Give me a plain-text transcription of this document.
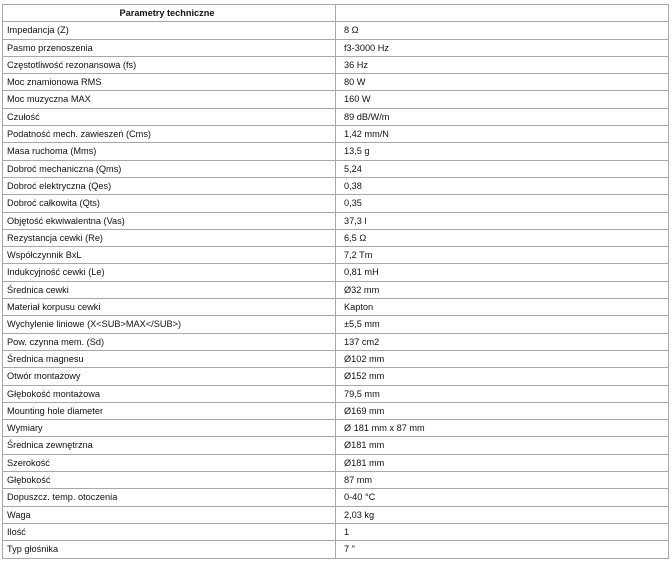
Parametry techniczne	
Impedancja (Z)	8 Ω
Pasmo przenoszenia	f3-3000 Hz
Częstotliwość rezonansowa (fs)	36 Hz
Moc znamionowa RMS	80 W
Moc muzyczna MAX	160 W
Czułość	89 dB/W/m
Podatność mech. zawieszeń (Cms)	1,42 mm/N
Masa ruchoma (Mms)	13,5 g
Dobroć mechaniczna (Qms)	5,24
Dobroć elektryczna (Qes)	0,38
Dobroć całkowita (Qts)	0,35
Objętość ekwiwalentna (Vas)	37,3 l
Rezystancja cewki (Re)	6,5 Ω
Współczynnik BxL	7,2 Tm
Indukcyjność cewki (Le)	0,81 mH
Średnica cewki	Ø32 mm
Materiał korpusu cewki	Kapton
Wychylenie liniowe (X<SUB>MAX</SUB>)	±5,5 mm
Pow. czynna mem. (Sd)	137 cm2
Średnica magnesu	Ø102 mm
Otwór montażowy	Ø152 mm
Głębokość montażowa	79,5 mm
Mounting hole diameter	Ø169 mm
Wymiary	Ø 181 mm x 87 mm
Średnica zewnętrzna	Ø181 mm
Szerokość	Ø181 mm
Głębokość	87 mm
Dopuszcz. temp. otoczenia	0-40 °C
Waga	2,03 kg
Ilość	1
Typ głośnika	7 "
